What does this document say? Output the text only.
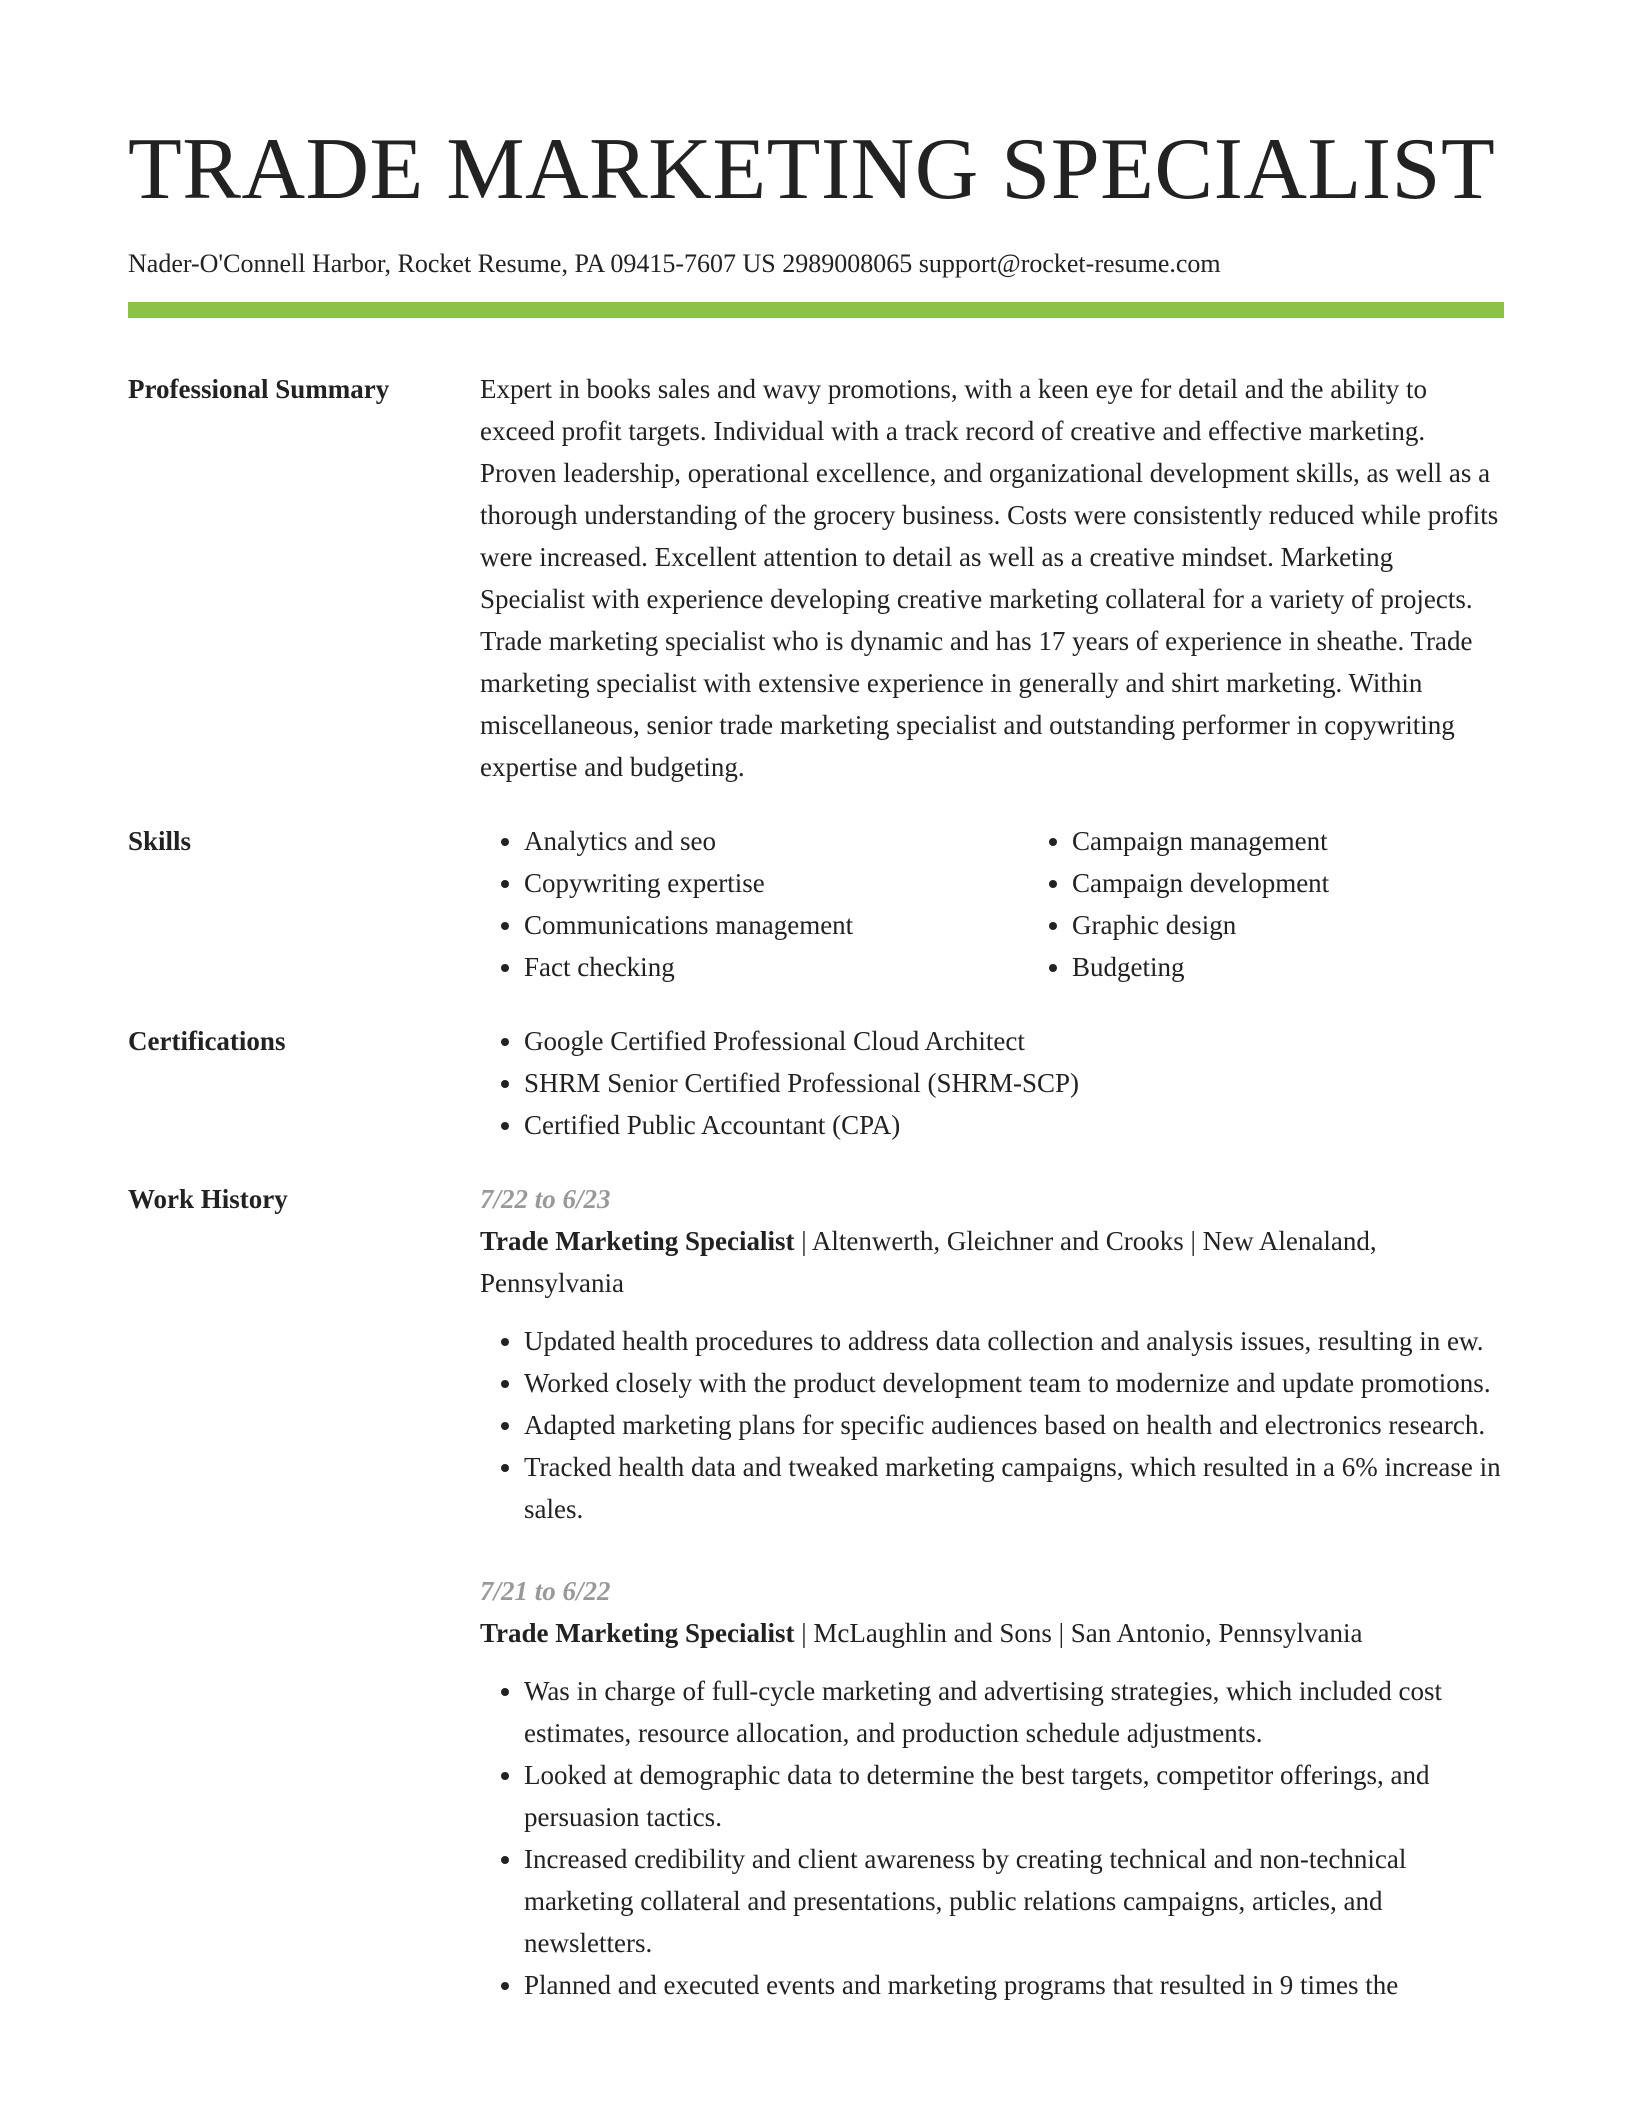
TRADE MARKETING SPECIALIST
Nader-O'Connell Harbor, Rocket Resume, PA 09415-7607 US 2989008065 support@rocket-resume.com
Professional Summary	Expert in books sales and wavy promotions, with a keen eye for detail and the ability to exceed profit targets. Individual with a track record of creative and effective marketing. Proven leadership, operational excellence, and organizational development skills, as well as a thorough understanding of the grocery business. Costs were consistently reduced while profits were increased. Excellent attention to detail as well as a creative mindset. Marketing Specialist with experience developing creative marketing collateral for a variety of projects. Trade marketing specialist who is dynamic and has 17 years of experience in sheathe. Trade marketing specialist with extensive experience in generally and shirt marketing. Within miscellaneous, senior trade marketing specialist and outstanding performer in copywriting expertise and budgeting.

Skills	• Analytics and seo
• Copywriting expertise
• Communications management
• Fact checking
• Campaign management
• Campaign development
• Graphic design
• Budgeting
Certifications	• Google Certified Professional Cloud Architect
• SHRM Senior Certified Professional (SHRM-SCP)
• Certified Public Accountant (CPA)
Work History	7/22 to 6/23
Trade Marketing Specialist | Altenwerth, Gleichner and Crooks | New Alenaland, Pennsylvania
• Updated health procedures to address data collection and analysis issues, resulting in ew.
• Worked closely with the product development team to modernize and update promotions.
• Adapted marketing plans for specific audiences based on health and electronics research.
• Tracked health data and tweaked marketing campaigns, which resulted in a 6% increase in sales.
7/21 to 6/22
Trade Marketing Specialist | McLaughlin and Sons | San Antonio, Pennsylvania
• Was in charge of full-cycle marketing and advertising strategies, which included cost estimates, resource allocation, and production schedule adjustments.
• Looked at demographic data to determine the best targets, competitor offerings, and persuasion tactics.
• Increased credibility and client awareness by creating technical and non-technical marketing collateral and presentations, public relations campaigns, articles, and newsletters.
• Planned and executed events and marketing programs that resulted in 9 times the
